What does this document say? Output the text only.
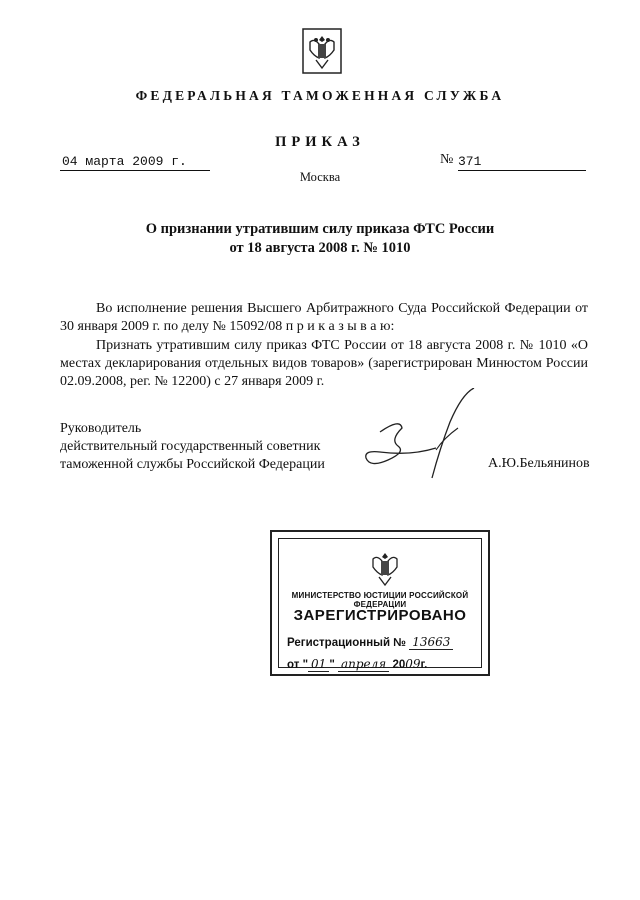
ФЕДЕРАЛЬНАЯ ТАМОЖЕННАЯ СЛУЖБА
ПРИКАЗ
04 марта 2009 г.	№ 371
Москва
О признании утратившим силу приказа ФТС России
от 18 августа 2008 г. № 1010
Во исполнение решения Высшего Арбитражного Суда Российской Федерации от 30 января 2009 г. по делу № 15092/08 п р и к а з ы в а ю:
Признать утратившим силу приказ ФТС России от 18 августа 2008 г. № 1010 «О местах декларирования отдельных видов товаров» (зарегистрирован Минюстом России 02.09.2008, рег. № 12200) с 27 января 2009 г.
Руководитель
действительный государственный советник
таможенной службы Российской Федерации	А.Ю.Бельянинов
МИНИСТЕРСТВО ЮСТИЦИИ РОССИЙСКОЙ ФЕДЕРАЦИИ
ЗАРЕГИСТРИРОВАНО
Регистрационный № 13663
от " 01 " апреля 2009г.
